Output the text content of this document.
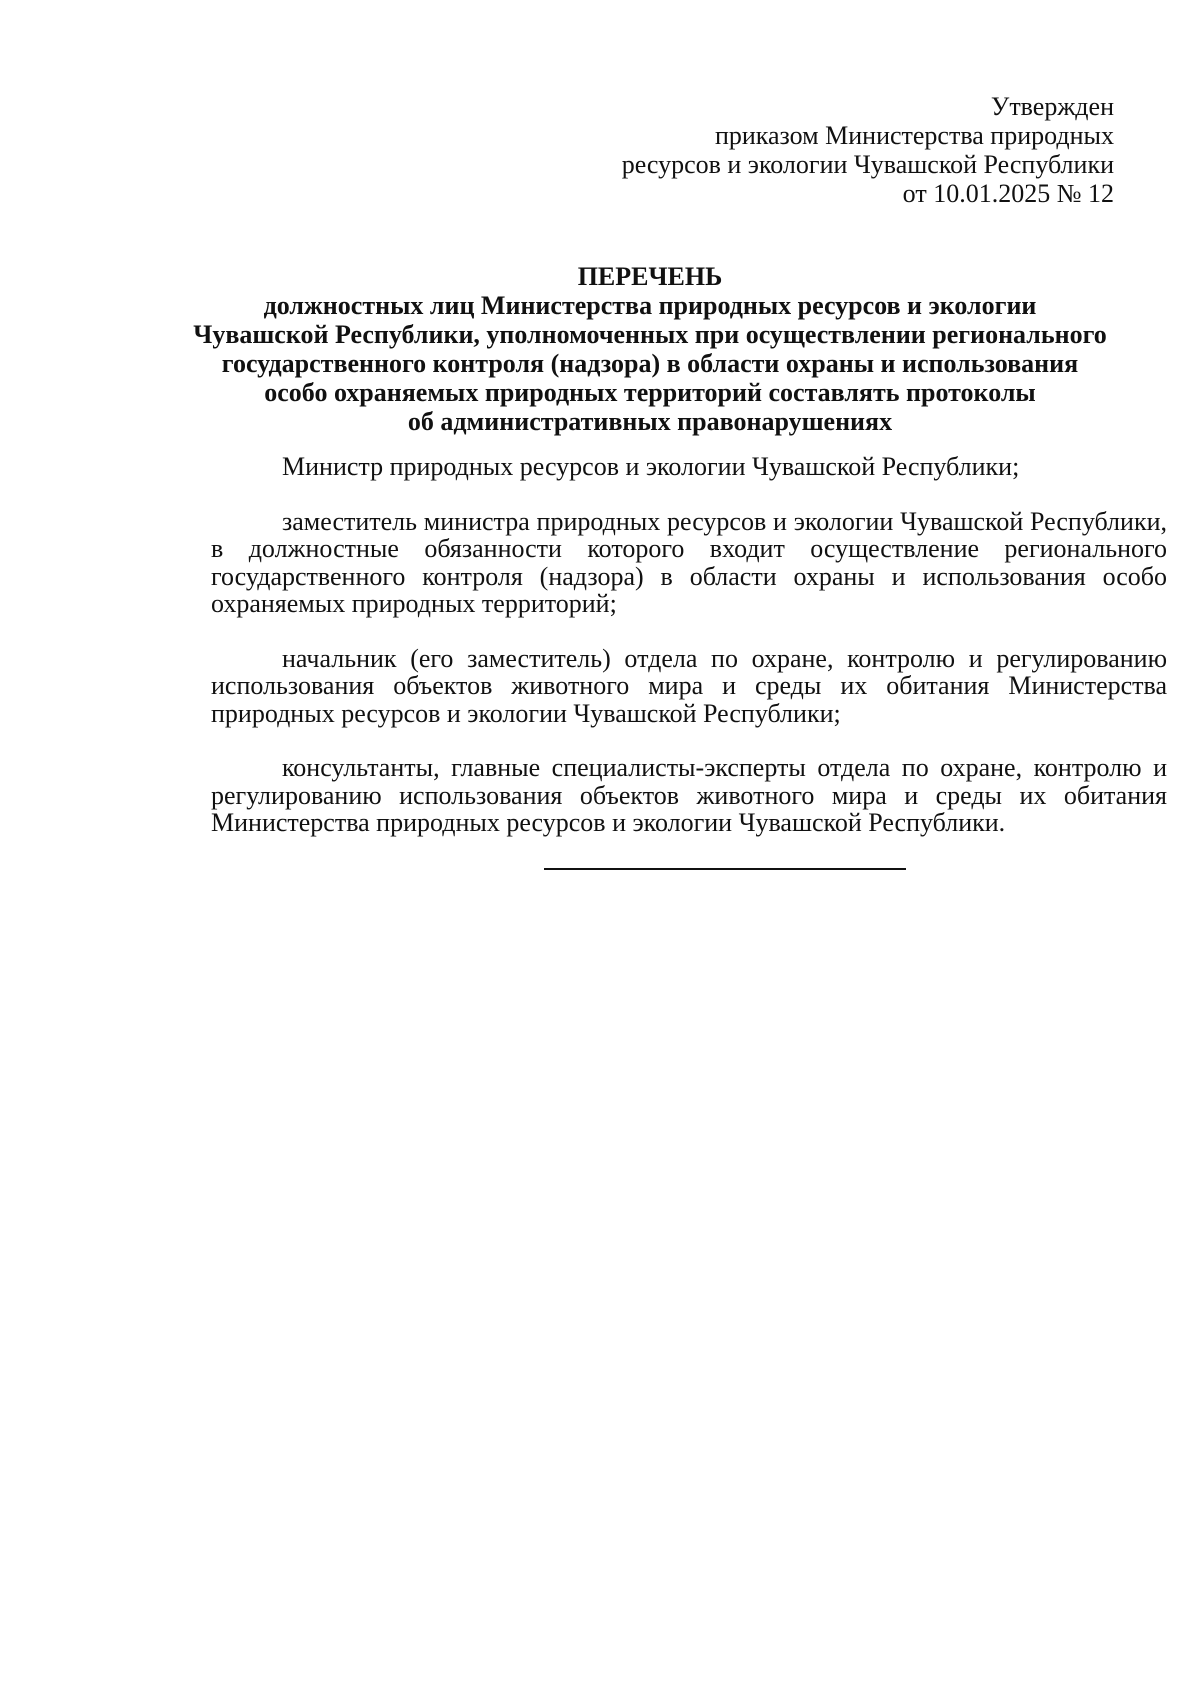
Утвержден
приказом Министерства природных
ресурсов и экологии Чувашской Республики
от 10.01.2025 № 12
ПЕРЕЧЕНЬ
должностных лиц Министерства природных ресурсов и экологии
Чувашской Республики, уполномоченных при осуществлении регионального
государственного контроля (надзора) в области охраны и использования
особо охраняемых природных территорий составлять протоколы
об административных правонарушениях

Министр природных ресурсов и экологии Чувашской Республики;

заместитель министра природных ресурсов и экологии Чувашской Республики, в должностные обязанности которого входит осуществление регионального государственного контроля (надзора) в области охраны и использования особо охраняемых природных территорий;

начальник (его заместитель) отдела по охране, контролю и регулированию использования объектов животного мира и среды их обитания Министерства природных ресурсов и экологии Чувашской Республики;

консультанты, главные специалисты-эксперты отдела по охране, контролю и регулированию использования объектов животного мира и среды их обитания Министерства природных ресурсов и экологии Чувашской Республики.
